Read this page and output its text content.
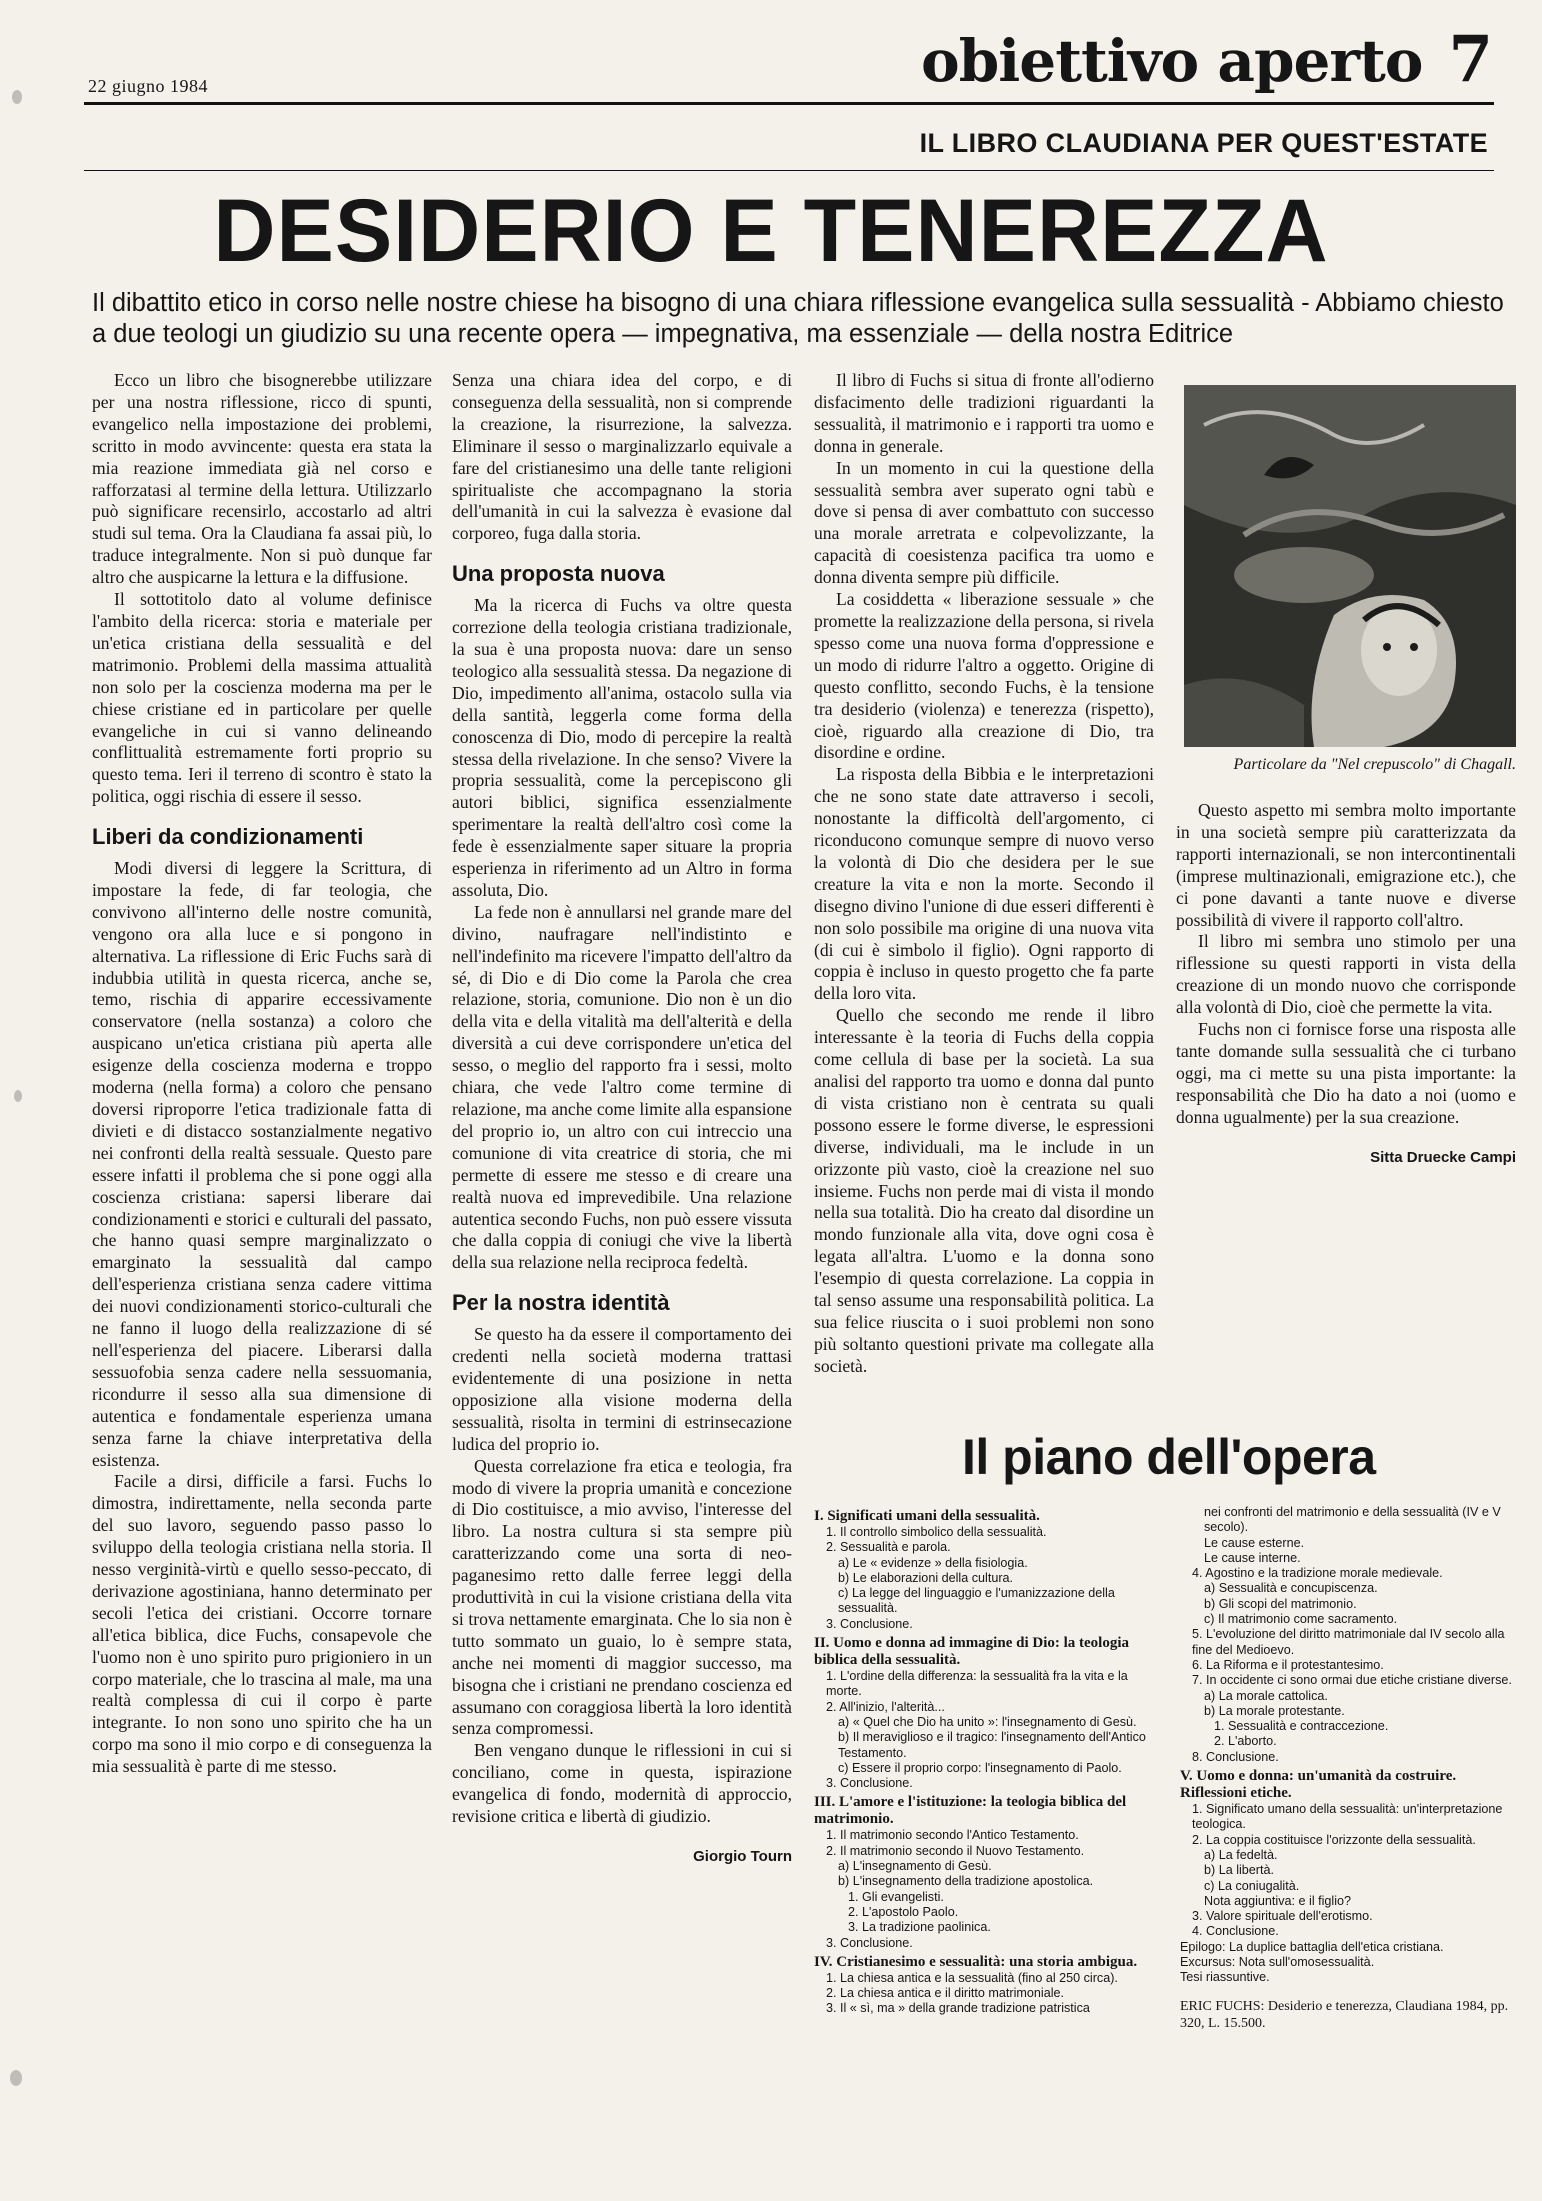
22 giugno 1984	obiettivo aperto 7
IL LIBRO CLAUDIANA PER QUEST'ESTATE
DESIDERIO E TENEREZZA
Il dibattito etico in corso nelle nostre chiese ha bisogno di una chiara riflessione evangelica sulla sessualità - Abbiamo chiesto a due teologi un giudizio su una recente opera — impegnativa, ma essenziale — della nostra Editrice

Ecco un libro che bisognerebbe utilizzare per una nostra riflessione, ricco di spunti, evangelico nella impostazione dei problemi, scritto in modo avvincente: questa era stata la mia reazione immediata già nel corso e rafforzatasi al termine della lettura. Utilizzarlo può significare recensirlo, accostarlo ad altri studi sul tema. Ora la Claudiana fa assai più, lo traduce integralmente. Non si può dunque far altro che auspicarne la lettura e la diffusione.

Il sottotitolo dato al volume definisce l'ambito della ricerca: storia e materiale per un'etica cristiana della sessualità e del matrimonio. Problemi della massima attualità non solo per la coscienza moderna ma per le chiese cristiane ed in particolare per quelle evangeliche in cui si vanno delineando conflittualità estremamente forti proprio su questo tema. Ieri il terreno di scontro è stato la politica, oggi rischia di essere il sesso.

Liberi da condizionamenti

Modi diversi di leggere la Scrittura, di impostare la fede, di far teologia, che convivono all'interno delle nostre comunità, vengono ora alla luce e si pongono in alternativa. La riflessione di Eric Fuchs sarà di indubbia utilità in questa ricerca, anche se, temo, rischia di apparire eccessivamente conservatore (nella sostanza) a coloro che auspicano un'etica cristiana più aperta alle esigenze della coscienza moderna e troppo moderna (nella forma) a coloro che pensano doversi riproporre l'etica tradizionale fatta di divieti e di distacco sostanzialmente negativo nei confronti della realtà sessuale. Questo pare essere infatti il problema che si pone oggi alla coscienza cristiana: sapersi liberare dai condizionamenti e storici e culturali del passato, che hanno quasi sempre marginalizzato o emarginato la sessualità dal campo dell'esperienza cristiana senza cadere vittima dei nuovi condizionamenti storico-culturali che ne fanno il luogo della realizzazione di sé nell'esperienza del piacere. Liberarsi dalla sessuofobia senza cadere nella sessuomania, ricondurre il sesso alla sua dimensione di autentica e fondamentale esperienza umana senza farne la chiave interpretativa della esistenza.

Facile a dirsi, difficile a farsi. Fuchs lo dimostra, indirettamente, nella seconda parte del suo lavoro, seguendo passo passo lo sviluppo della teologia cristiana nella storia. Il nesso verginità-virtù e quello sesso-peccato, di derivazione agostiniana, hanno determinato per secoli l'etica dei cristiani. Occorre tornare all'etica biblica, dice Fuchs, consapevole che l'uomo non è uno spirito puro prigioniero in un corpo materiale, che lo trascina al male, ma una realtà complessa di cui il corpo è parte integrante. Io non sono uno spirito che ha un corpo ma sono il mio corpo e di conseguenza la mia sessualità è parte di me stesso.

Senza una chiara idea del corpo, e di conseguenza della sessualità, non si comprende la creazione, la risurrezione, la salvezza. Eliminare il sesso o marginalizzarlo equivale a fare del cristianesimo una delle tante religioni spiritualiste che accompagnano la storia dell'umanità in cui la salvezza è evasione dal corporeo, fuga dalla storia.

Una proposta nuova

Ma la ricerca di Fuchs va oltre questa correzione della teologia cristiana tradizionale, la sua è una proposta nuova: dare un senso teologico alla sessualità stessa. Da negazione di Dio, impedimento all'anima, ostacolo sulla via della santità, leggerla come forma della conoscenza di Dio, modo di percepire la realtà stessa della rivelazione. In che senso? Vivere la propria sessualità, come la percepiscono gli autori biblici, significa essenzialmente sperimentare la realtà dell'altro così come la fede è essenzialmente saper situare la propria esperienza in riferimento ad un Altro in forma assoluta, Dio.

La fede non è annullarsi nel grande mare del divino, naufragare nell'indistinto e nell'indefinito ma ricevere l'impatto dell'altro da sé, di Dio e di Dio come la Parola che crea relazione, storia, comunione. Dio non è un dio della vita e della vitalità ma dell'alterità e della diversità a cui deve corrispondere un'etica del sesso, o meglio del rapporto fra i sessi, molto chiara, che vede l'altro come termine di relazione, ma anche come limite alla espansione del proprio io, un altro con cui intreccio una comunione di vita creatrice di storia, che mi permette di essere me stesso e di creare una realtà nuova ed imprevedibile. Una relazione autentica secondo Fuchs, non può essere vissuta che dalla coppia di coniugi che vive la libertà della sua relazione nella reciproca fedeltà.

Per la nostra identità

Se questo ha da essere il comportamento dei credenti nella società moderna trattasi evidentemente di una posizione in netta opposizione alla visione moderna della sessualità, risolta in termini di estrinsecazione ludica del proprio io.

Questa correlazione fra etica e teologia, fra modo di vivere la propria umanità e concezione di Dio costituisce, a mio avviso, l'interesse del libro. La nostra cultura si sta sempre più caratterizzando come una sorta di neo-paganesimo retto dalle ferree leggi della produttività in cui la visione cristiana della vita si trova nettamente emarginata. Che lo sia non è tutto sommato un guaio, lo è sempre stata, anche nei momenti di maggior successo, ma bisogna che i cristiani ne prendano coscienza ed assumano con coraggiosa libertà la loro identità senza compromessi.

Ben vengano dunque le riflessioni in cui si conciliano, come in questa, ispirazione evangelica di fondo, modernità di approccio, revisione critica e libertà di giudizio.

Giorgio Tourn

Il libro di Fuchs si situa di fronte all'odierno disfacimento delle tradizioni riguardanti la sessualità, il matrimonio e i rapporti tra uomo e donna in generale.

In un momento in cui la questione della sessualità sembra aver superato ogni tabù e dove si pensa di aver combattuto con successo una morale arretrata e colpevolizzante, la capacità di coesistenza pacifica tra uomo e donna diventa sempre più difficile.

La cosiddetta « liberazione sessuale » che promette la realizzazione della persona, si rivela spesso come una nuova forma d'oppressione e un modo di ridurre l'altro a oggetto. Origine di questo conflitto, secondo Fuchs, è la tensione tra desiderio (violenza) e tenerezza (rispetto), cioè, riguardo alla creazione di Dio, tra disordine e ordine.

La risposta della Bibbia e le interpretazioni che ne sono state date attraverso i secoli, nonostante la difficoltà dell'argomento, ci riconducono comunque sempre di nuovo verso la volontà di Dio che desidera per le sue creature la vita e non la morte. Secondo il disegno divino l'unione di due esseri differenti è non solo possibile ma origine di una nuova vita (di cui è simbolo il figlio). Ogni rapporto di coppia è incluso in questo progetto che fa parte della loro vita.

Quello che secondo me rende il libro interessante è la teoria di Fuchs della coppia come cellula di base per la società. La sua analisi del rapporto tra uomo e donna dal punto di vista cristiano non è centrata su quali possono essere le forme diverse, le espressioni diverse, individuali, ma le include in un orizzonte più vasto, cioè la creazione nel suo insieme. Fuchs non perde mai di vista il mondo nella sua totalità. Dio ha creato dal disordine un mondo funzionale alla vita, dove ogni cosa è legata all'altra. L'uomo e la donna sono l'esempio di questa correlazione. La coppia in tal senso assume una responsabilità politica. La sua felice riuscita o i suoi problemi non sono più soltanto questioni private ma collegate alla società.

Particolare da "Nel crepuscolo" di Chagall.

Questo aspetto mi sembra molto importante in una società sempre più caratterizzata da rapporti internazionali, se non intercontinentali (imprese multinazionali, emigrazione etc.), che ci pone davanti a tante nuove e diverse possibilità di vivere il rapporto coll'altro.

Il libro mi sembra uno stimolo per una riflessione su questi rapporti in vista della creazione di un mondo nuovo che corrisponde alla volontà di Dio, cioè che permette la vita.

Fuchs non ci fornisce forse una risposta alle tante domande sulla sessualità che ci turbano oggi, ma ci mette su una pista importante: la responsabilità che Dio ha dato a noi (uomo e donna ugualmente) per la sua creazione.

Sitta Druecke Campi

Il piano dell'opera
I. Significati umani della sessualità.
1. Il controllo simbolico della sessualità.
2. Sessualità e parola.
a) Le « evidenze » della fisiologia.
b) Le elaborazioni della cultura.
c) La legge del linguaggio e l'umanizzazione della sessualità.
3. Conclusione.
II. Uomo e donna ad immagine di Dio: la teologia biblica della sessualità.
1. L'ordine della differenza: la sessualità fra la vita e la morte.
2. All'inizio, l'alterità...
a) « Quel che Dio ha unito »: l'insegnamento di Gesù.
b) Il meraviglioso e il tragico: l'insegnamento dell'Antico Testamento.
c) Essere il proprio corpo: l'insegnamento di Paolo.
3. Conclusione.
III. L'amore e l'istituzione: la teologia biblica del matrimonio.
1. Il matrimonio secondo l'Antico Testamento.
2. Il matrimonio secondo il Nuovo Testamento.
a) L'insegnamento di Gesù.
b) L'insegnamento della tradizione apostolica.
1. Gli evangelisti.
2. L'apostolo Paolo.
3. La tradizione paolinica.
3. Conclusione.
IV. Cristianesimo e sessualità: una storia ambigua.
1. La chiesa antica e la sessualità (fino al 250 circa).
2. La chiesa antica e il diritto matrimoniale.
3. Il « sì, ma » della grande tradizione patristica
nei confronti del matrimonio e della sessualità (IV e V secolo).
Le cause esterne.
Le cause interne.
4. Agostino e la tradizione morale medievale.
a) Sessualità e concupiscenza.
b) Gli scopi del matrimonio.
c) Il matrimonio come sacramento.
5. L'evoluzione del diritto matrimoniale dal IV secolo alla fine del Medioevo.
6. La Riforma e il protestantesimo.
7. In occidente ci sono ormai due etiche cristiane diverse.
a) La morale cattolica.
b) La morale protestante.
1. Sessualità e contraccezione.
2. L'aborto.
8. Conclusione.
V. Uomo e donna: un'umanità da costruire. Riflessioni etiche.
1. Significato umano della sessualità: un'interpretazione teologica.
2. La coppia costituisce l'orizzonte della sessualità.
a) La fedeltà.
b) La libertà.
c) La coniugalità.
Nota aggiuntiva: e il figlio?
3. Valore spirituale dell'erotismo.
4. Conclusione.
Epilogo: La duplice battaglia dell'etica cristiana.
Excursus: Nota sull'omosessualità.
Tesi riassuntive.
ERIC FUCHS: Desiderio e tenerezza, Claudiana 1984, pp. 320, L. 15.500.
